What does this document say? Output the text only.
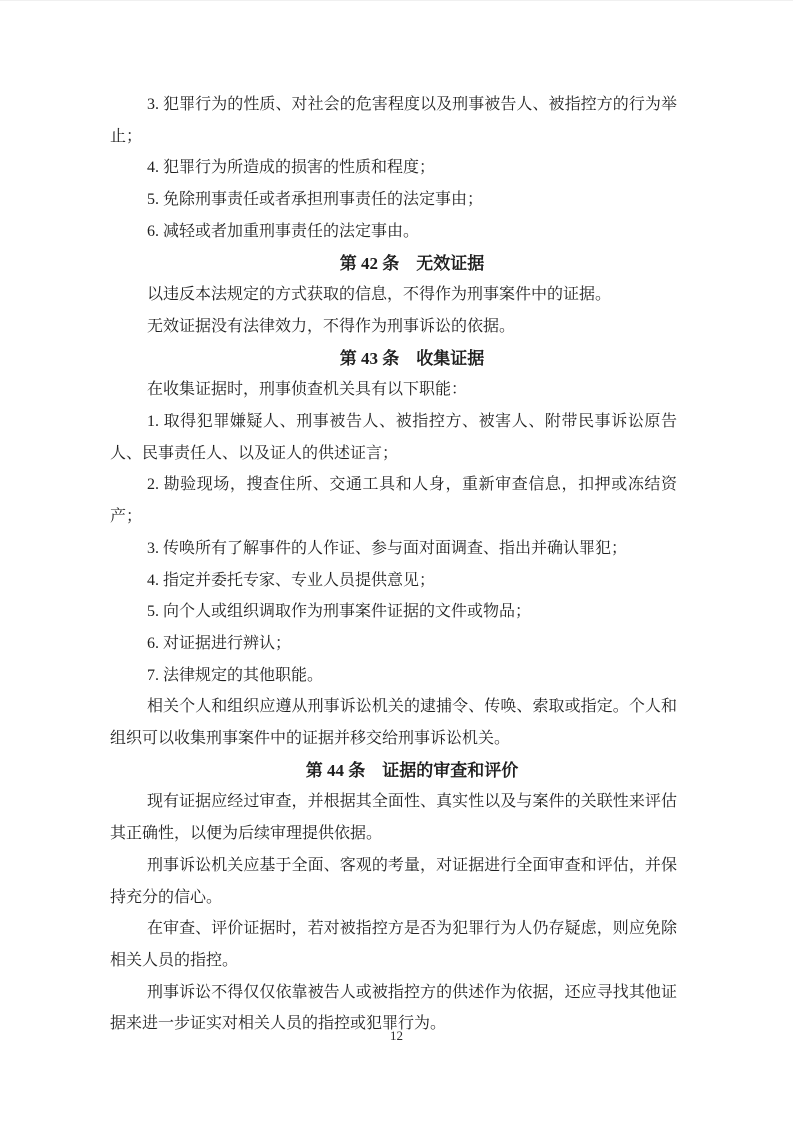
3. 犯罪行为的性质、对社会的危害程度以及刑事被告人、被指控方的行为举止；

4. 犯罪行为所造成的损害的性质和程度；

5. 免除刑事责任或者承担刑事责任的法定事由；

6. 减轻或者加重刑事责任的法定事由。

第 42 条　无效证据

以违反本法规定的方式获取的信息，不得作为刑事案件中的证据。

无效证据没有法律效力，不得作为刑事诉讼的依据。

第 43 条　收集证据

在收集证据时，刑事侦查机关具有以下职能：

1. 取得犯罪嫌疑人、刑事被告人、被指控方、被害人、附带民事诉讼原告人、民事责任人、以及证人的供述证言；

2. 勘验现场，搜查住所、交通工具和人身，重新审查信息，扣押或冻结资产；

3. 传唤所有了解事件的人作证、参与面对面调查、指出并确认罪犯；

4. 指定并委托专家、专业人员提供意见；

5. 向个人或组织调取作为刑事案件证据的文件或物品；

6. 对证据进行辨认；

7. 法律规定的其他职能。

相关个人和组织应遵从刑事诉讼机关的逮捕令、传唤、索取或指定。个人和组织可以收集刑事案件中的证据并移交给刑事诉讼机关。

第 44 条　证据的审查和评价

现有证据应经过审查，并根据其全面性、真实性以及与案件的关联性来评估其正确性，以便为后续审理提供依据。

刑事诉讼机关应基于全面、客观的考量，对证据进行全面审查和评估，并保持充分的信心。

在审查、评价证据时，若对被指控方是否为犯罪行为人仍存疑虑，则应免除相关人员的指控。

刑事诉讼不得仅仅依靠被告人或被指控方的供述作为依据，还应寻找其他证据来进一步证实对相关人员的指控或犯罪行为。

12
